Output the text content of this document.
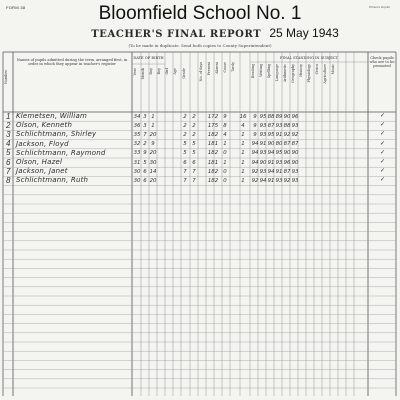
FORM 38	Printer's Imprint
Bloomfield School No. 1
TEACHER'S FINAL REPORT 25 May 1943
(To be made in duplicate. Send both copies to County Superintendent)
Number
Names of pupils admitted during the term, arranged first, in order in which they appear in teacher's register
DATE OF BIRTH
Year Month Day Boy Girl Age Grade	No. of days Present Absent Cause Tardy
FINAL STANDING IN SUBJECT
Reading Writing Spelling Language Arithmetic Geography History Physiology Civics Agriculture Music
Check pupils who are to be promoted
1 Klemetsen, William	34 3 1	2	2	172 9	16	9 95 88 89 90 96	✓
2 Olson, Kenneth	36 3 1	2	2	175 8	4	9 93 87 93 88 93	✓
3 Schlichtmann, Shirley	35 7 20	2	2	182 4	1	9 93 95 91 92 92	✓
4 Jackson, Floyd	32 2 9	5	5	181 1	1	94 91 90 80 87 87	✓
5 Schlichtmann, Raymond	33 9 20	5	5	182 0	1	94 93 94 95 90 90	✓
6 Olson, Hazel	31 5 30	6	6	181 1	1	94 90 91 93 96 90	✓
7 Jackson, Janet	30 6 14	7	7	182 0	1	92 93 94 91 87 93	✓
8 Schlichtmann, Ruth	30 6 20	7	7	182 0	1	92 94 91 93 92 93	✓
